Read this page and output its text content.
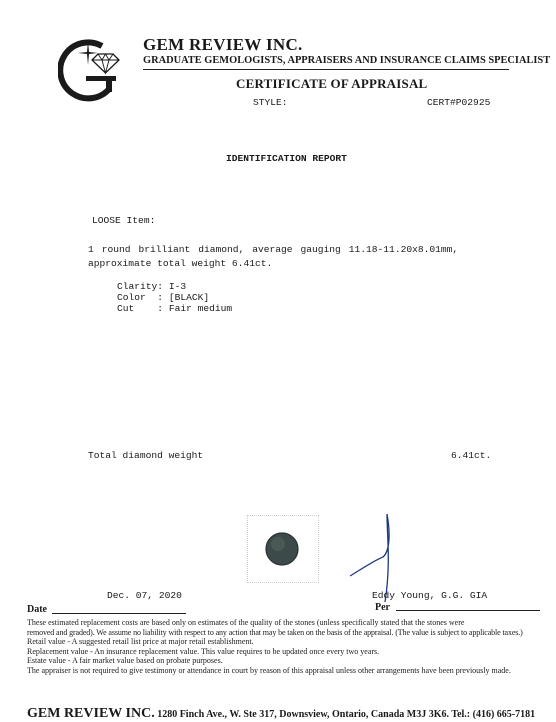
GEM REVIEW INC.
GRADUATE GEMOLOGISTS, APPRAISERS AND INSURANCE CLAIMS SPECIALIST
CERTIFICATE OF APPRAISAL
STYLE:	CERT#P02925
IDENTIFICATION REPORT
LOOSE Item:
1 round brilliant diamond, average gauging 11.18-11.20x8.01mm,
approximate total weight 6.41ct.
Clarity: I-3
Color  : [BLACK]
Cut    : Fair medium
Total diamond weight	6.41ct.
Dec. 07, 2020	Eddy Young, G.G. GIA
Date	Per
These estimated replacement costs are based only on estimates of the quality of the stones (unless specifically stated that the stones were
removed and graded). We assume no liability with respect to any action that may be taken on the basis of the appraisal. (The value is subject to applicable taxes.)
Retail value - A suggested retail list price at major retail establishment.
Replacement value - An insurance replacement value. This value requires to be updated once every two years.
Estate value - A fair market value based on probate purposes.
The appraiser is not required to give testimony or attendance in court by reason of this appraisal unless other arrangements have been previously made.
GEM REVIEW INC. 1280 Finch Ave., W. Ste 317, Downsview, Ontario, Canada M3J 3K6. Tel.: (416) 665-7181
